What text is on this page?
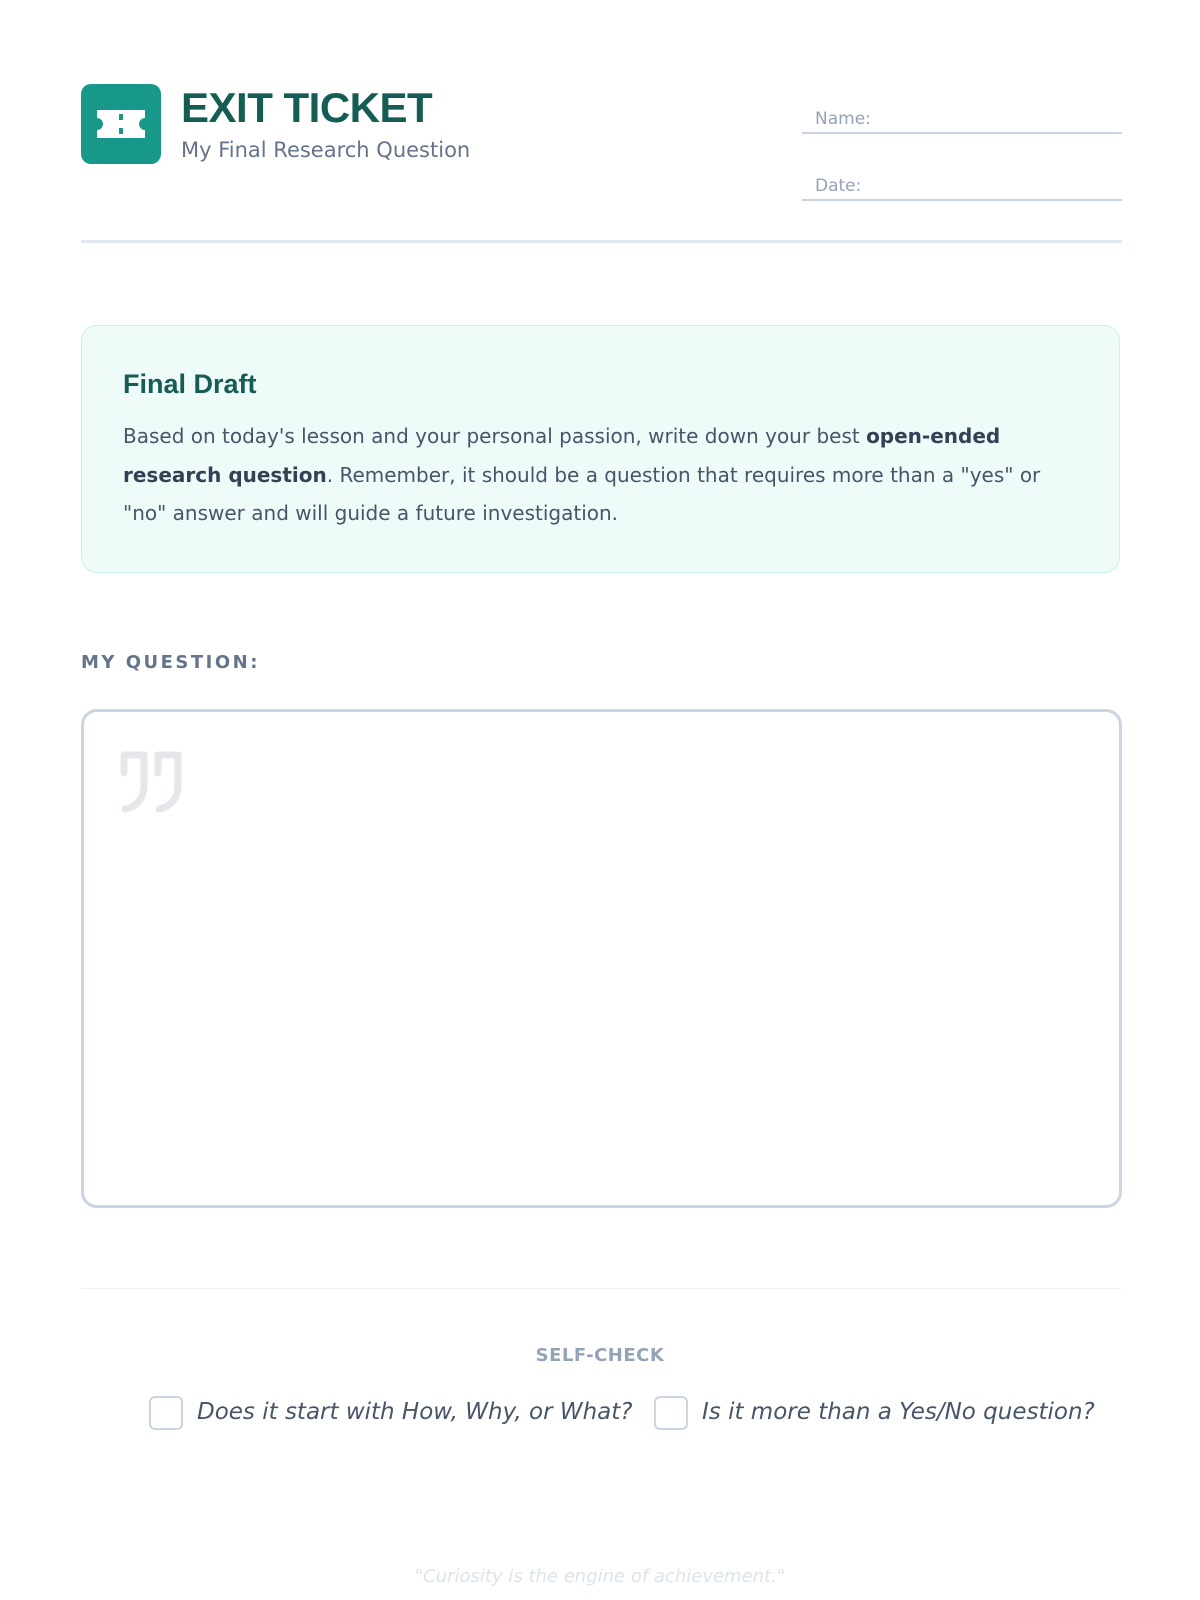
EXIT TICKET
My Final Research Question
Name:
Date:
Final Draft

Based on today's lesson and your personal passion, write down your best open-ended research question. Remember, it should be a question that requires more than a "yes" or "no" answer and will guide a future investigation.

MY QUESTION:
SELF-CHECK
Does it start with How, Why, or What?	Is it more than a Yes/No question?
"Curiosity is the engine of achievement."
